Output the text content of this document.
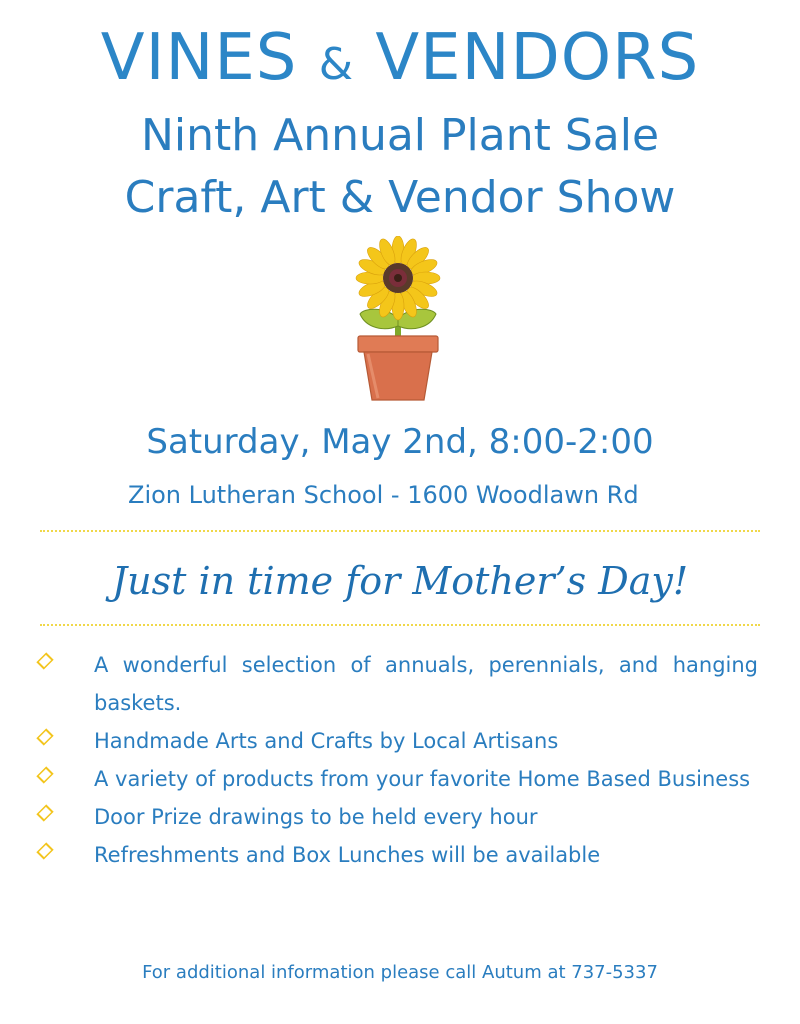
VINES & VENDORS
Ninth Annual Plant Sale
Craft, Art & Vendor Show
Saturday, May 2nd, 8:00-2:00
Zion Lutheran School - 1600 Woodlawn Rd
Just in time for Mother’s Day!
A wonderful selection of annuals, perennials, and hanging baskets.
Handmade Arts and Crafts by Local Artisans
A variety of products from your favorite Home Based Business
Door Prize drawings to be held every hour
Refreshments and Box Lunches will be available
For additional information please call Autum at 737-5337
